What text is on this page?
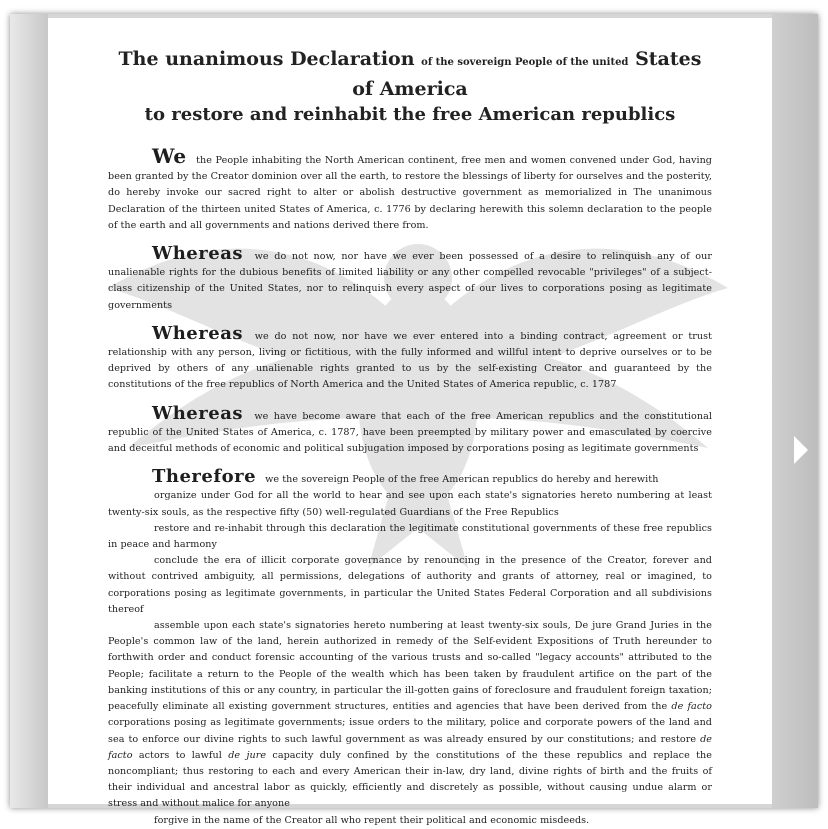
The unanimous Declaration of the sovereign People of the united States of America
to restore and reinhabit the free American republics

We the People inhabiting the North American continent, free men and women convened under God, having been granted by the Creator dominion over all the earth, to restore the blessings of liberty for ourselves and the posterity, do hereby invoke our sacred right to alter or abolish destructive government as memorialized in The unanimous Declaration of the thirteen united States of America, c. 1776 by declaring herewith this solemn declaration to the people of the earth and all governments and nations derived there from.

Whereas we do not now, nor have we ever been possessed of a desire to relinquish any of our unalienable rights for the dubious benefits of limited liability or any other compelled revocable "privileges" of a subject-class citizenship of the United States, nor to relinquish every aspect of our lives to corporations posing as legitimate governments

Whereas we do not now, nor have we ever entered into a binding contract, agreement or trust relationship with any person, living or fictitious, with the fully informed and willful intent to deprive ourselves or to be deprived by others of any unalienable rights granted to us by the self-existing Creator and guaranteed by the constitutions of the free republics of North America and the United States of America republic, c. 1787

Whereas we have become aware that each of the free American republics and the constitutional republic of the United States of America, c. 1787, have been preempted by military power and emasculated by coercive and deceitful methods of economic and political subjugation imposed by corporations posing as legitimate governments

Therefore we the sovereign People of the free American republics do hereby and herewith
organize under God for all the world to hear and see upon each state's signatories hereto numbering at least twenty-six souls, as the respective fifty (50) well-regulated Guardians of the Free Republics
restore and re-inhabit through this declaration the legitimate constitutional governments of these free republics in peace and harmony
conclude the era of illicit corporate governance by renouncing in the presence of the Creator, forever and without contrived ambiguity, all permissions, delegations of authority and grants of attorney, real or imagined, to corporations posing as legitimate governments, in particular the United States Federal Corporation and all subdivisions thereof
assemble upon each state's signatories hereto numbering at least twenty-six souls, De jure Grand Juries in the People's common law of the land, herein authorized in remedy of the Self-evident Expositions of Truth hereunder to forthwith order and conduct forensic accounting of the various trusts and so-called "legacy accounts" attributed to the People; facilitate a return to the People of the wealth which has been taken by fraudulent artifice on the part of the banking institutions of this or any country, in particular the ill-gotten gains of foreclosure and fraudulent foreign taxation; peacefully eliminate all existing government structures, entities and agencies that have been derived from the de facto corporations posing as legitimate governments; issue orders to the military, police and corporate powers of the land and sea to enforce our divine rights to such lawful government as was already ensured by our constitutions; and restore de facto actors to lawful de jure capacity duly confined by the constitutions of the these republics and replace the noncompliant; thus restoring to each and every American their in-law, dry land, divine rights of birth and the fruits of their individual and ancestral labor as quickly, efficiently and discretely as possible, without causing undue alarm or stress and without malice for anyone
forgive in the name of the Creator all who repent their political and economic misdeeds.
